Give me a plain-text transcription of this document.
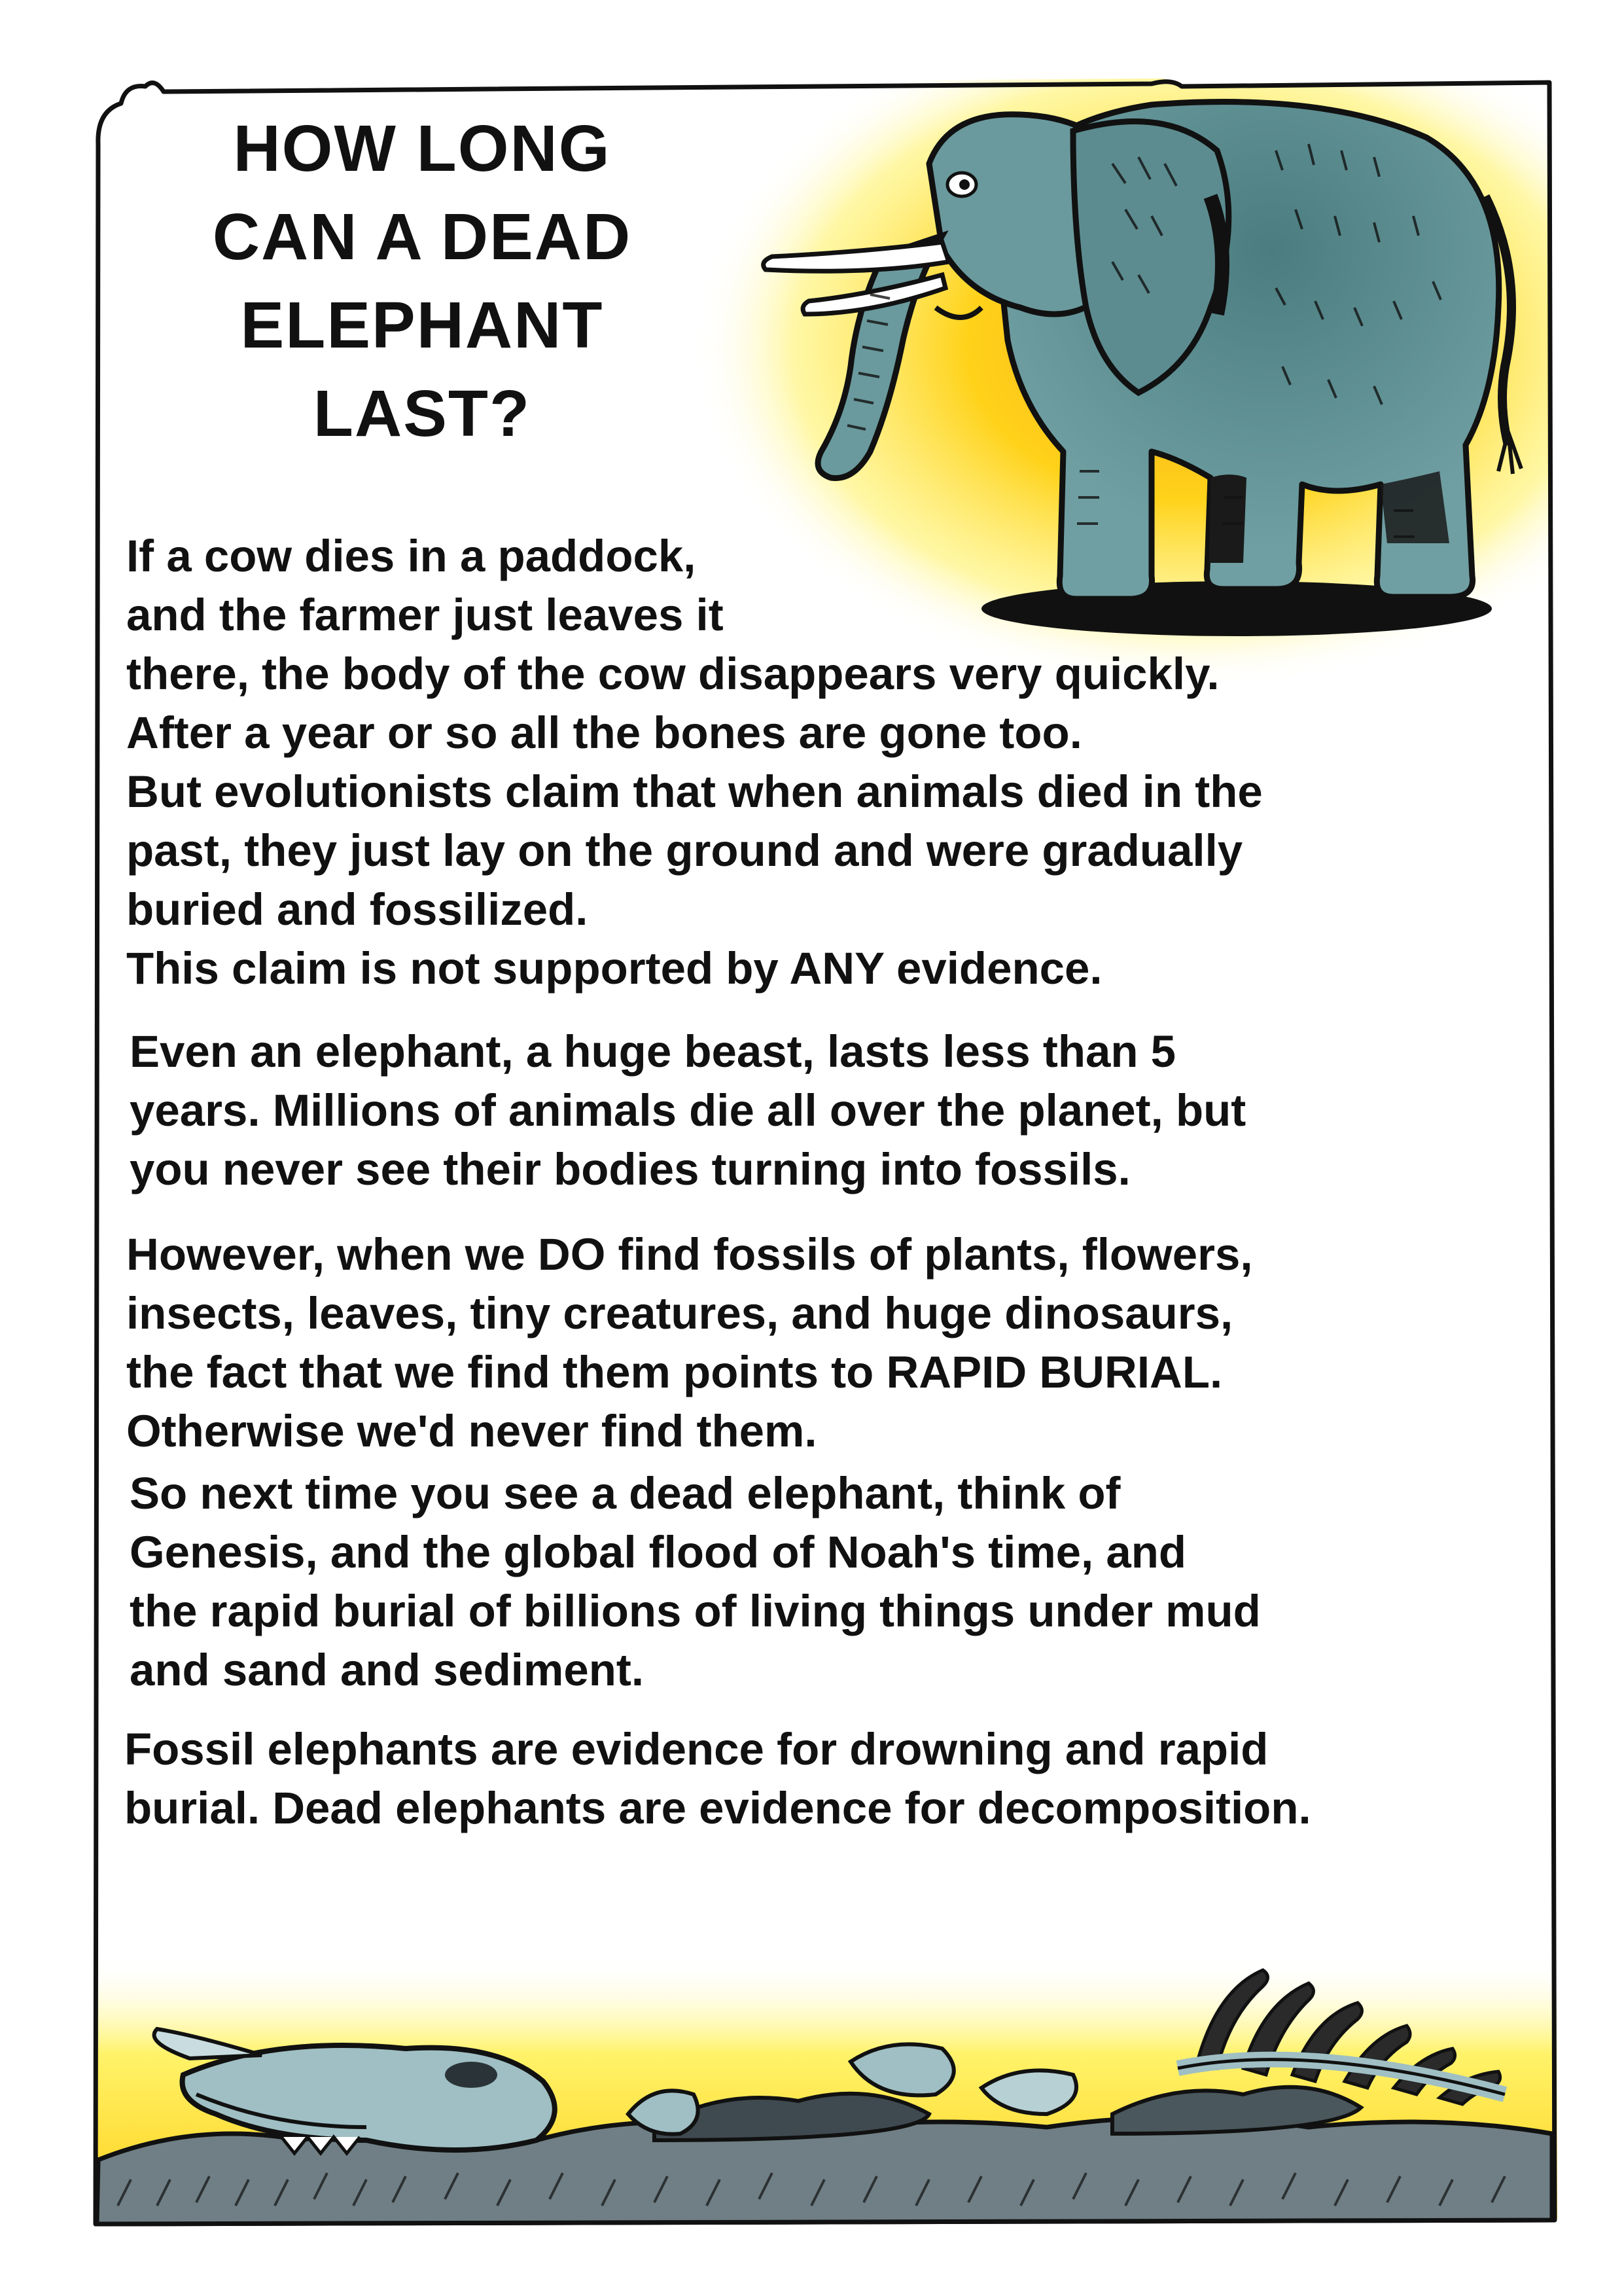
HOW LONG
CAN A DEAD
ELEPHANT
LAST?

If a cow dies in a paddock,
and the farmer just leaves it
there, the body of the cow disappears very quickly.
After a year or so all the bones are gone too.
But evolutionists claim that when animals died in the
past, they just lay on the ground and were gradually
buried and fossilized.
This claim is not supported by ANY evidence.

Even an elephant, a huge beast, lasts less than 5
years. Millions of animals die all over the planet, but
you never see their bodies turning into fossils.

However, when we DO find fossils of plants, flowers,
insects, leaves, tiny creatures, and huge dinosaurs,
the fact that we find them points to RAPID BURIAL.
Otherwise we'd never find them.

So next time you see a dead elephant, think of
Genesis, and the global flood of Noah's time, and
the rapid burial of billions of living things under mud
and sand and sediment.

Fossil elephants are evidence for drowning and rapid
burial. Dead elephants are evidence for decomposition.
